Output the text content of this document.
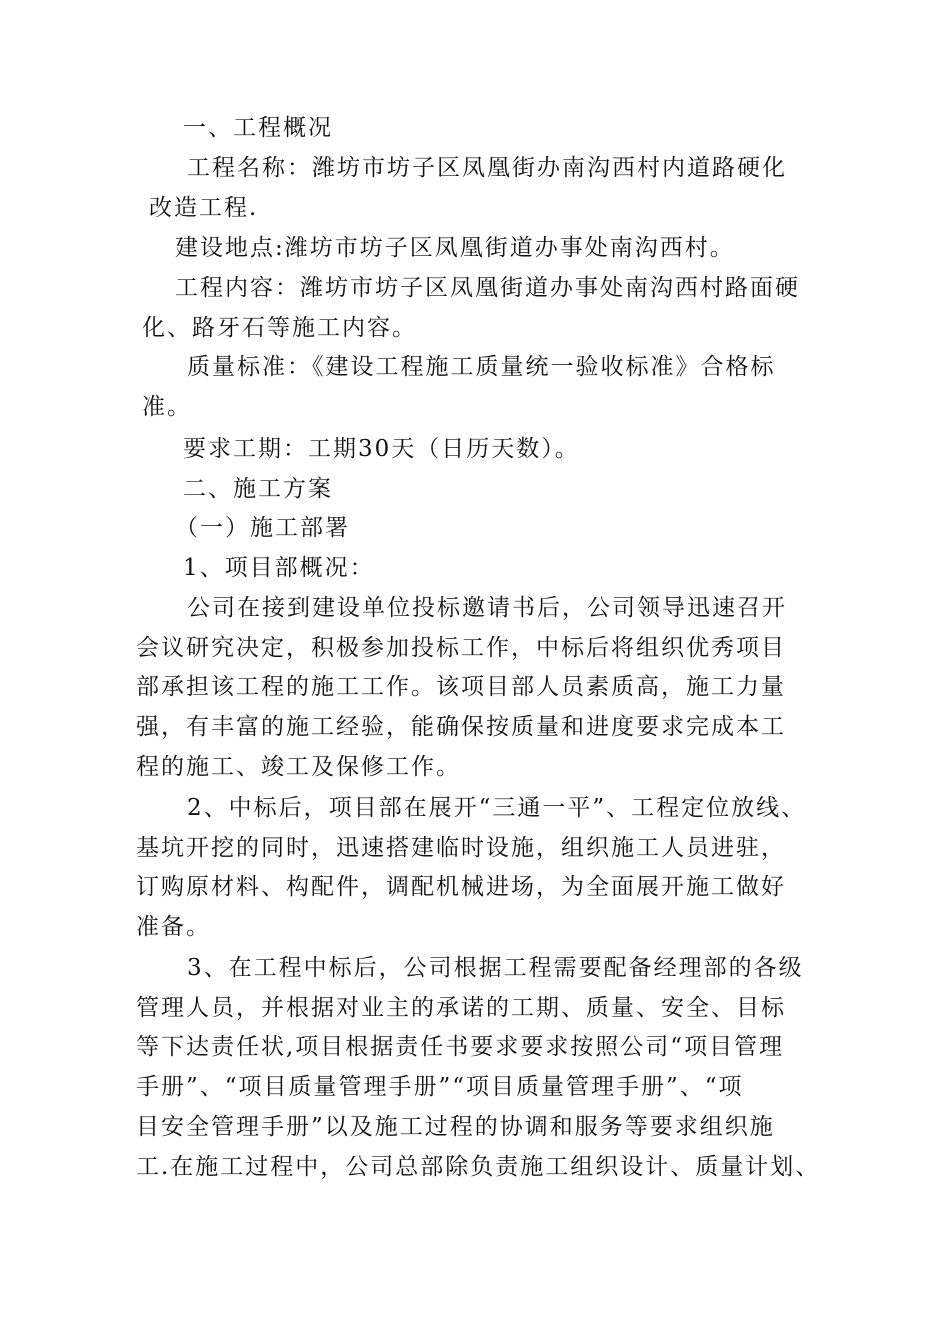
一、工程概况
工程名称：潍坊市坊子区凤凰街办南沟西村内道路硬化
改造工程.
建设地点:潍坊市坊子区凤凰街道办事处南沟西村。
工程内容：潍坊市坊子区凤凰街道办事处南沟西村路面硬
化、路牙石等施工内容。
质量标准：《建设工程施工质量统一验收标准》合格标
准。
要求工期：工期30天（日历天数）。
二、施工方案
（一）施工部署
1、项目部概况：
公司在接到建设单位投标邀请书后，公司领导迅速召开
会议研究决定，积极参加投标工作，中标后将组织优秀项目
部承担该工程的施工工作。该项目部人员素质高，施工力量
强，有丰富的施工经验，能确保按质量和进度要求完成本工
程的施工、竣工及保修工作。
2、中标后，项目部在展开“三通一平”、工程定位放线、
基坑开挖的同时，迅速搭建临时设施，组织施工人员进驻，
订购原材料、构配件，调配机械进场，为全面展开施工做好
准备。
3、在工程中标后，公司根据工程需要配备经理部的各级
管理人员，并根据对业主的承诺的工期、质量、安全、目标
等下达责任状,项目根据责任书要求要求按照公司“项目管理
手册”、“项目质量管理手册”“项目质量管理手册”、“项
目安全管理手册”以及施工过程的协调和服务等要求组织施
工.在施工过程中，公司总部除负责施工组织设计、质量计划、
